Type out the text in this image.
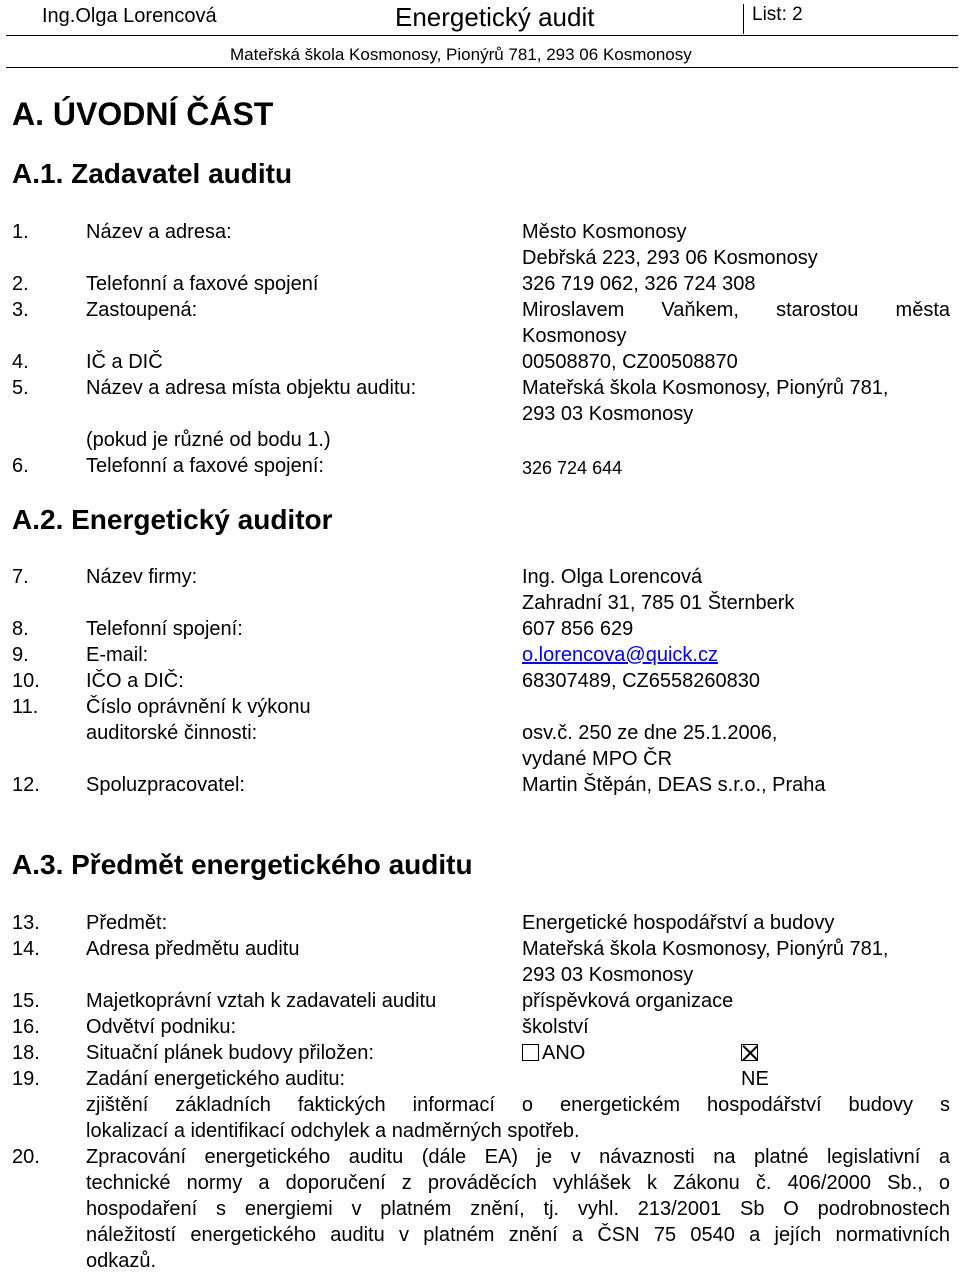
Ing.Olga Lorencová	Energetický audit	List: 2
Mateřská škola Kosmonosy, Pionýrů 781, 293 06 Kosmonosy
A. ÚVODNÍ ČÁST
A.1. Zadavatel auditu
1.	Název a adresa:	Město Kosmonosy
Debřská 223, 293 06 Kosmonosy
2.	Telefonní a faxové spojení	326 719 062, 326 724 308
3.	Zastoupená:	Miroslavem Vaňkem, starostou města
Kosmonosy
4.	IČ a DIČ	00508870, CZ00508870
5.	Název a adresa místa objektu auditu:	Mateřská škola Kosmonosy, Pionýrů 781,
293 03 Kosmonosy
(pokud je různé od bodu 1.)
6.	Telefonní a faxové spojení:	326 724 644
A.2. Energetický auditor
7.	Název firmy:	Ing. Olga Lorencová
Zahradní 31, 785 01 Šternberk
8.	Telefonní spojení:	607 856 629
9.	E-mail:	o.lorencova@quick.cz
10. IČO a DIČ:	68307489, CZ6558260830
11. Číslo oprávnění k výkonu
auditorské činnosti:	osv.č. 250 ze dne 25.1.2006,
vydané MPO ČR
12. Spoluzpracovatel:	Martin Štěpán, DEAS s.r.o., Praha
A.3. Předmět energetického auditu
13. Předmět:	Energetické hospodářství a budovy
14. Adresa předmětu auditu	Mateřská škola Kosmonosy, Pionýrů 781,
293 03 Kosmonosy
15. Majetkoprávní vztah k zadavateli auditu	příspěvková organizace
16. Odvětví podniku:	školství
18. Situační plánek budovy přiložen:	ANO
NE
19. Zadání energetického auditu:
zjištění základních faktických informací o energetickém hospodářství budovy s
lokalizací a identifikací odchylek a nadměrných spotřeb.
20. Zpracování energetického auditu (dále EA) je v návaznosti na platné legislativní a
technické normy a doporučení z prováděcích vyhlášek k Zákonu č. 406/2000 Sb., o
hospodaření s energiemi v platném znění, tj. vyhl. 213/2001 Sb O podrobnostech
náležitostí energetického auditu v platném znění a ČSN 75 0540 a jejích normativních
odkazů.
